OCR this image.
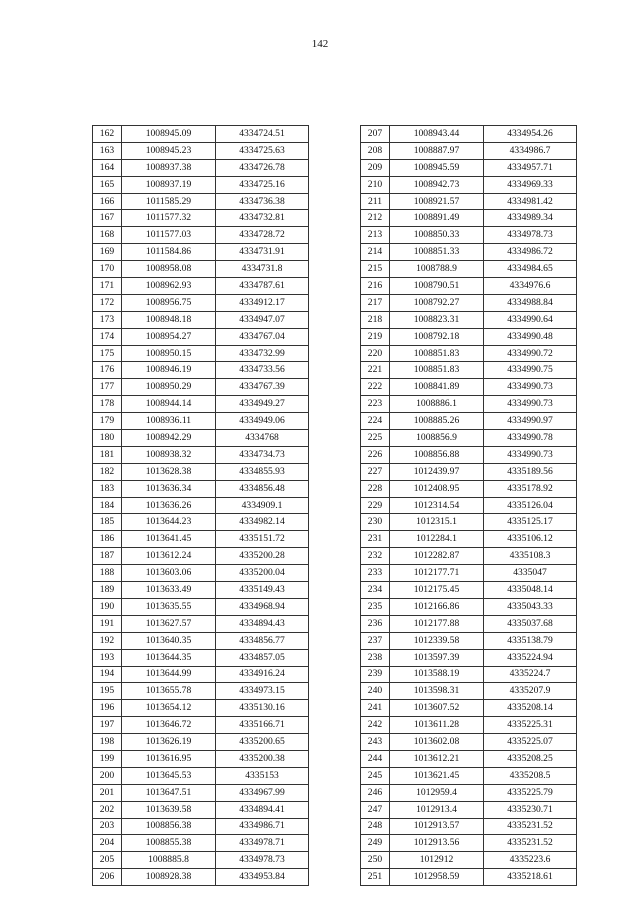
142
162	1008945.09	4334724.51
163	1008945.23	4334725.63
164	1008937.38	4334726.78
165	1008937.19	4334725.16
166	1011585.29	4334736.38
167	1011577.32	4334732.81
168	1011577.03	4334728.72
169	1011584.86	4334731.91
170	1008958.08	4334731.8
171	1008962.93	4334787.61
172	1008956.75	4334912.17
173	1008948.18	4334947.07
174	1008954.27	4334767.04
175	1008950.15	4334732.99
176	1008946.19	4334733.56
177	1008950.29	4334767.39
178	1008944.14	4334949.27
179	1008936.11	4334949.06
180	1008942.29	4334768
181	1008938.32	4334734.73
182	1013628.38	4334855.93
183	1013636.34	4334856.48
184	1013636.26	4334909.1
185	1013644.23	4334982.14
186	1013641.45	4335151.72
187	1013612.24	4335200.28
188	1013603.06	4335200.04
189	1013633.49	4335149.43
190	1013635.55	4334968.94
191	1013627.57	4334894.43
192	1013640.35	4334856.77
193	1013644.35	4334857.05
194	1013644.99	4334916.24
195	1013655.78	4334973.15
196	1013654.12	4335130.16
197	1013646.72	4335166.71
198	1013626.19	4335200.65
199	1013616.95	4335200.38
200	1013645.53	4335153
201	1013647.51	4334967.99
202	1013639.58	4334894.41
203	1008856.38	4334986.71
204	1008855.38	4334978.71
205	1008885.8	4334978.73
206	1008928.38	4334953.84
207	1008943.44	4334954.26
208	1008887.97	4334986.7
209	1008945.59	4334957.71
210	1008942.73	4334969.33
211	1008921.57	4334981.42
212	1008891.49	4334989.34
213	1008850.33	4334978.73
214	1008851.33	4334986.72
215	1008788.9	4334984.65
216	1008790.51	4334976.6
217	1008792.27	4334988.84
218	1008823.31	4334990.64
219	1008792.18	4334990.48
220	1008851.83	4334990.72
221	1008851.83	4334990.75
222	1008841.89	4334990.73
223	1008886.1	4334990.73
224	1008885.26	4334990.97
225	1008856.9	4334990.78
226	1008856.88	4334990.73
227	1012439.97	4335189.56
228	1012408.95	4335178.92
229	1012314.54	4335126.04
230	1012315.1	4335125.17
231	1012284.1	4335106.12
232	1012282.87	4335108.3
233	1012177.71	4335047
234	1012175.45	4335048.14
235	1012166.86	4335043.33
236	1012177.88	4335037.68
237	1012339.58	4335138.79
238	1013597.39	4335224.94
239	1013588.19	4335224.7
240	1013598.31	4335207.9
241	1013607.52	4335208.14
242	1013611.28	4335225.31
243	1013602.08	4335225.07
244	1013612.21	4335208.25
245	1013621.45	4335208.5
246	1012959.4	4335225.79
247	1012913.4	4335230.71
248	1012913.57	4335231.52
249	1012913.56	4335231.52
250	1012912	4335223.6
251	1012958.59	4335218.61
